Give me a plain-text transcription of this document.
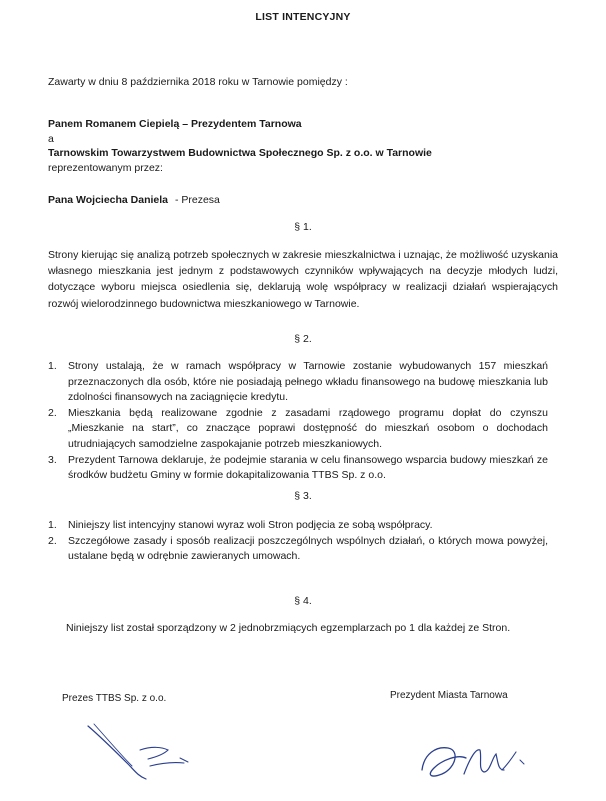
LIST INTENCYJNY

Zawarty w dniu 8 października 2018 roku w Tarnowie pomiędzy :

Panem Romanem Ciepielą – Prezydentem Tarnowa

a

Tarnowskim Towarzystwem Budownictwa Społecznego Sp. z o.o. w Tarnowie

reprezentowanym przez:

Pana Wojciecha Daniela - Prezesa

§ 1.

Strony kierując się analizą potrzeb społecznych w zakresie mieszkalnictwa i uznając, że możliwość uzyskania własnego mieszkania jest jednym z podstawowych czynników wpływających na decyzje młodych ludzi, dotyczące wyboru miejsca osiedlenia się, deklarują wolę współpracy w realizacji działań wspierających rozwój wielorodzinnego budownictwa mieszkaniowego w Tarnowie.

§ 2.

1. Strony ustalają, że w ramach współpracy w Tarnowie zostanie wybudowanych 157 mieszkań przeznaczonych dla osób, które nie posiadają pełnego wkładu finansowego na budowę mieszkania lub zdolności finansowych na zaciągnięcie kredytu.
2. Mieszkania będą realizowane zgodnie z zasadami rządowego programu dopłat do czynszu „Mieszkanie na start”, co znaczące poprawi dostępność do mieszkań osobom o dochodach utrudniających samodzielne zaspokajanie potrzeb mieszkaniowych.
3. Prezydent Tarnowa deklaruje, że podejmie starania w celu finansowego wsparcia budowy mieszkań ze środków budżetu Gminy w formie dokapitalizowania TTBS Sp. z o.o.

§ 3.

1. Niniejszy list intencyjny stanowi wyraz woli Stron podjęcia ze sobą współpracy.
2. Szczegółowe zasady i sposób realizacji poszczególnych wspólnych działań, o których mowa powyżej, ustalane będą w odrębnie zawieranych umowach.

§ 4.

Niniejszy list został sporządzony w 2 jednobrzmiących egzemplarzach po 1 dla każdej ze Stron.

Prezes TTBS Sp. z o.o.	Prezydent Miasta Tarnowa
